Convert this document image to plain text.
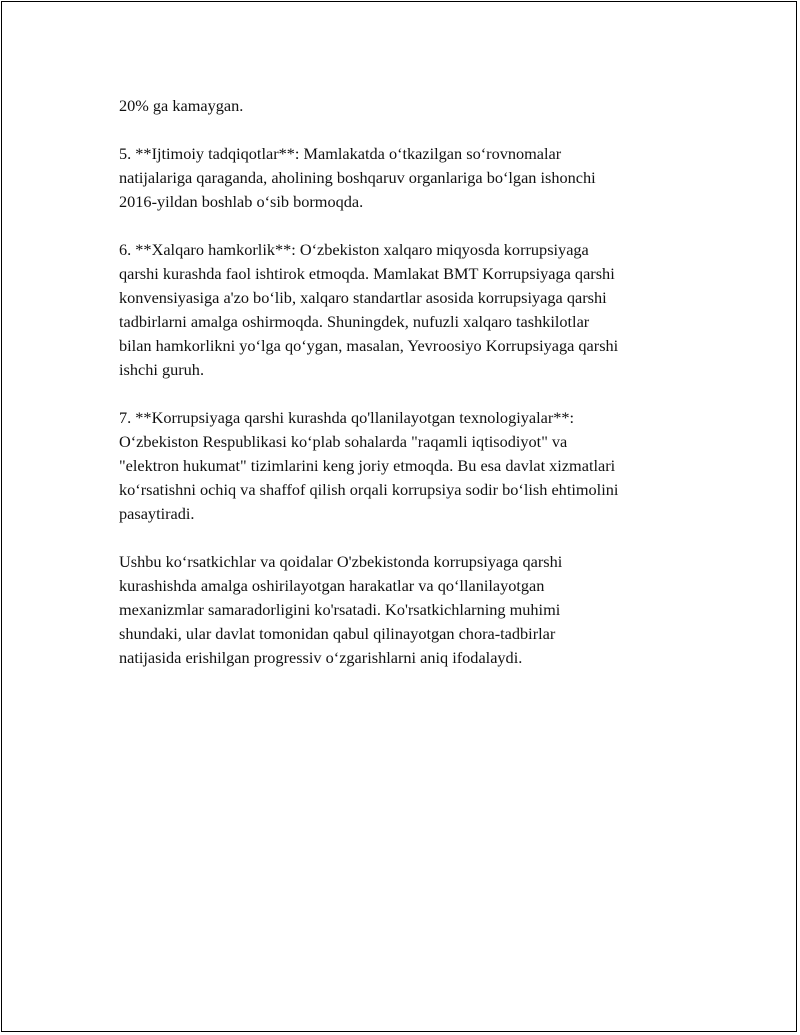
20% ga kamaygan.

5. **Ijtimoiy tadqiqotlar**: Mamlakatda o‘tkazilgan so‘rovnomalar
natijalariga qaraganda, aholining boshqaruv organlariga bo‘lgan ishonchi
2016-yildan boshlab o‘sib bormoqda.

6. **Xalqaro hamkorlik**: O‘zbekiston xalqaro miqyosda korrupsiyaga
qarshi kurashda faol ishtirok etmoqda. Mamlakat BMT Korrupsiyaga qarshi
konvensiyasiga a'zo bo‘lib, xalqaro standartlar asosida korrupsiyaga qarshi
tadbirlarni amalga oshirmoqda. Shuningdek, nufuzli xalqaro tashkilotlar
bilan hamkorlikni yo‘lga qo‘ygan, masalan, Yevroosiyo Korrupsiyaga qarshi
ishchi guruh.

7. **Korrupsiyaga qarshi kurashda qo'llanilayotgan texnologiyalar**:
O‘zbekiston Respublikasi ko‘plab sohalarda "raqamli iqtisodiyot" va
"elektron hukumat" tizimlarini keng joriy etmoqda. Bu esa davlat xizmatlari
ko‘rsatishni ochiq va shaffof qilish orqali korrupsiya sodir bo‘lish ehtimolini
pasaytiradi.

Ushbu ko‘rsatkichlar va qoidalar O'zbekistonda korrupsiyaga qarshi
kurashishda amalga oshirilayotgan harakatlar va qo‘llanilayotgan
mexanizmlar samaradorligini ko'rsatadi. Ko'rsatkichlarning muhimi
shundaki, ular davlat tomonidan qabul qilinayotgan chora-tadbirlar
natijasida erishilgan progressiv o‘zgarishlarni aniq ifodalaydi.
